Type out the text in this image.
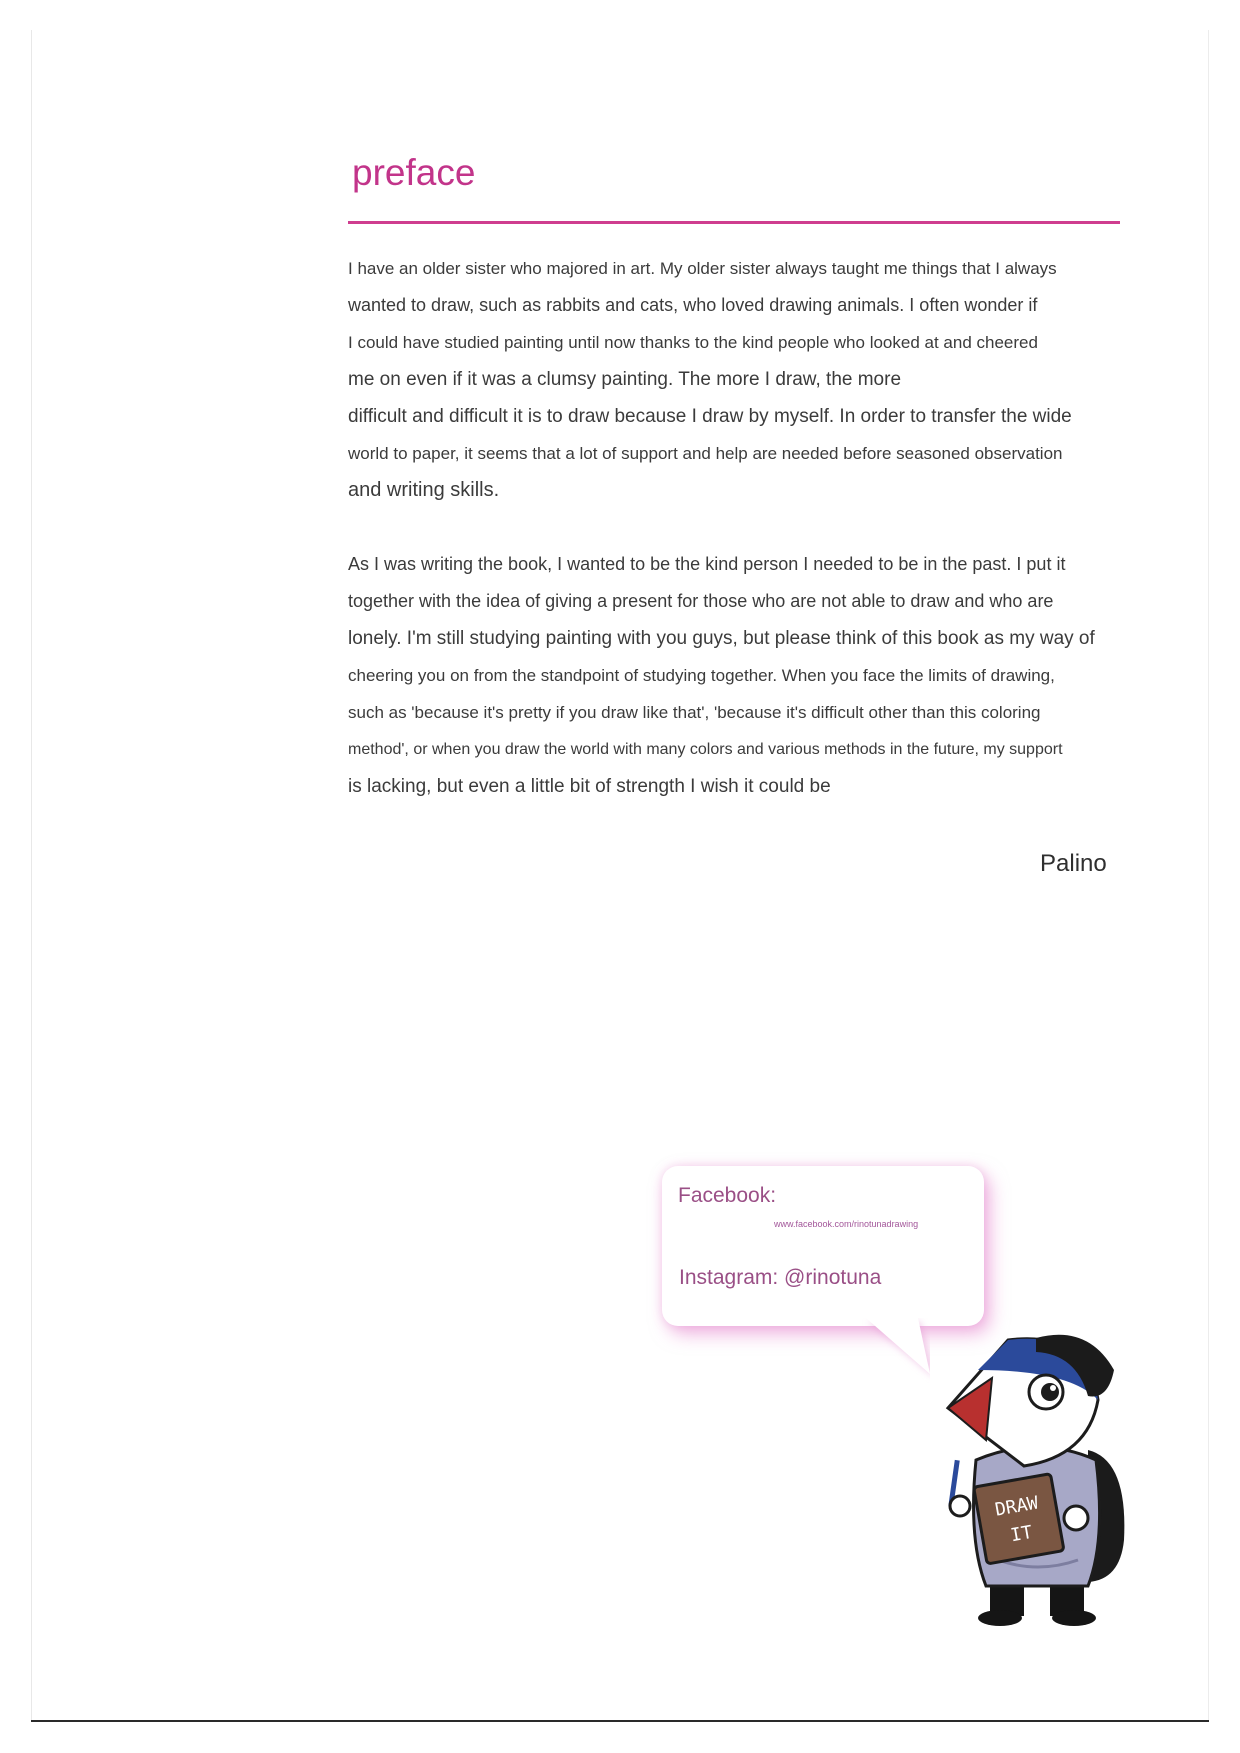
preface

I have an older sister who majored in art. My older sister always taught me things that I always
wanted to draw, such as rabbits and cats, who loved drawing animals. I often wonder if
I could have studied painting until now thanks to the kind people who looked at and cheered
me on even if it was a clumsy painting. The more I draw, the more
difficult and difficult it is to draw because I draw by myself. In order to transfer the wide
world to paper, it seems that a lot of support and help are needed before seasoned observation
and writing skills.

As I was writing the book, I wanted to be the kind person I needed to be in the past. I put it
together with the idea of giving a present for those who are not able to draw and who are
lonely. I'm still studying painting with you guys, but please think of this book as my way of
cheering you on from the standpoint of studying together. When you face the limits of drawing,
such as 'because it's pretty if you draw like that', 'because it's difficult other than this coloring
method', or when you draw the world with many colors and various methods in the future, my support
is lacking, but even a little bit of strength I wish it could be

Palino
Facebook:
www.facebook.com/rinotunadrawing
Instagram: @rinotuna
DRAW
IT
